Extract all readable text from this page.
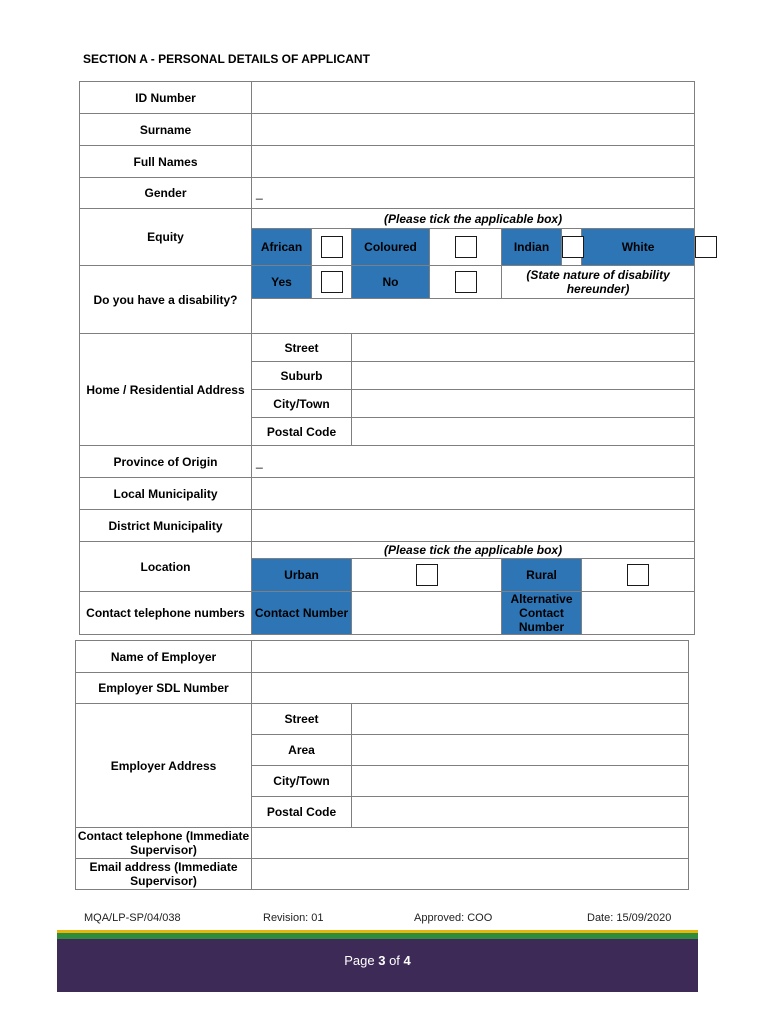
SECTION A - PERSONAL DETAILS OF APPLICANT
ID Number								
Surname								
Full Names								
Gender	_							

Equity	(Please tick the applicable box)							
	African		Coloured		Indian		White	
Do you have a disability?	Yes		No		(State nature of disability hereunder)			

Home / Residential Address	Street							
	Suburb							
	City/Town							
	Postal Code							
Province of Origin	_							

Local Municipality								
District Municipality								
Location	(Please tick the applicable box)							
	Urban				Rural			
Contact telephone numbers	Contact Number				Alternative Contact Number			
Name of Employer		
Employer SDL Number		
Employer Address	Street	
	Area	
	City/Town	
	Postal Code	
Contact telephone (Immediate Supervisor)		
Email address (Immediate Supervisor)		
MQA/LP-SP/04/038	Revision: 01	Approved: COO	Date: 15/09/2020
Page 3 of 4
